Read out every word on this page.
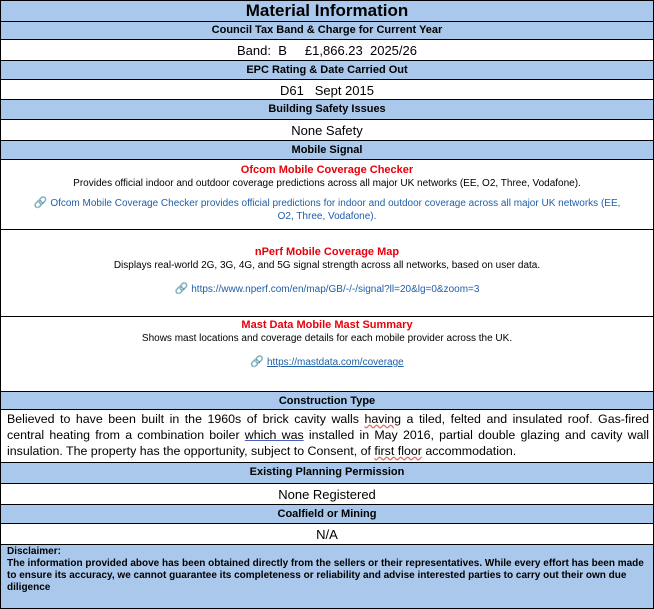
Material Information
Council Tax Band & Charge for Current Year
Band:  B     £1,866.23  2025/26
EPC Rating & Date Carried Out
D61   Sept 2015
Building Safety Issues
None Safety
Mobile Signal
Ofcom Mobile Coverage Checker
Provides official indoor and outdoor coverage predictions across all major UK networks (EE, O2, Three, Vodafone).
🔗 Ofcom Mobile Coverage Checker provides official predictions for indoor and outdoor coverage across all major UK networks (EE,
O2, Three, Vodafone).
nPerf Mobile Coverage Map
Displays real-world 2G, 3G, 4G, and 5G signal strength across all networks, based on user data.
🔗 https://www.nperf.com/en/map/GB/-/-/signal?ll=20&lg=0&zoom=3
Mast Data Mobile Mast Summary
Shows mast locations and coverage details for each mobile provider across the UK.
🔗 https://mastdata.com/coverage
Construction Type
Believed to have been built in the 1960s of brick cavity walls having a tiled, felted and insulated roof. Gas-fired central heating from a combination boiler which was installed in May 2016, partial double glazing and cavity wall insulation. The property has the opportunity, subject to Consent, of first floor accommodation.
Existing Planning Permission
None Registered
Coalfield or Mining
N/A
Disclaimer:
The information provided above has been obtained directly from the sellers or their representatives. While every effort has been made to ensure its accuracy, we cannot guarantee its completeness or reliability and advise interested parties to carry out their own due diligence
